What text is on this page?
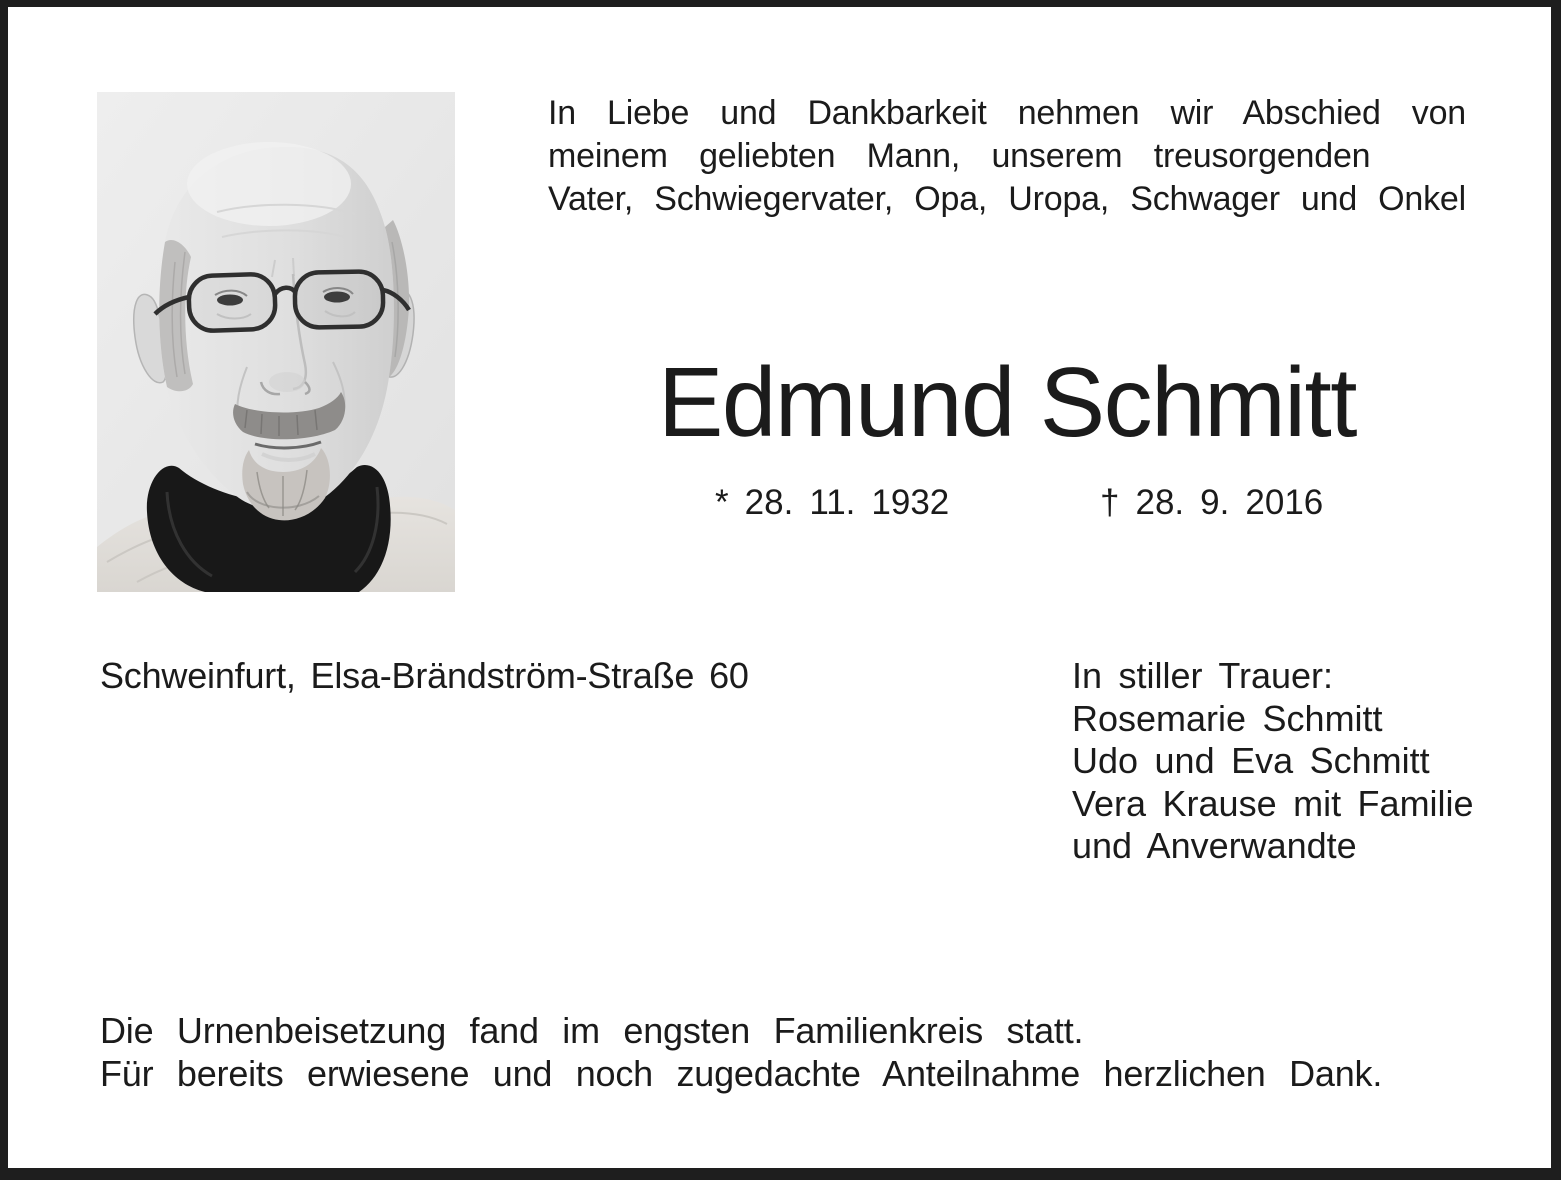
In Liebe und Dankbarkeit nehmen wir Abschied von
meinem geliebten Mann, unserem treusorgenden
Vater, Schwiegervater, Opa, Uropa, Schwager und Onkel
Edmund Schmitt
* 28. 11. 1932	† 28. 9. 2016
Schweinfurt, Elsa-Brändström-Straße 60	In stiller Trauer:
Rosemarie Schmitt
Udo und Eva Schmitt
Vera Krause mit Familie
und Anverwandte
Die Urnenbeisetzung fand im engsten Familienkreis statt.
Für bereits erwiesene und noch zugedachte Anteilnahme herzlichen Dank.
